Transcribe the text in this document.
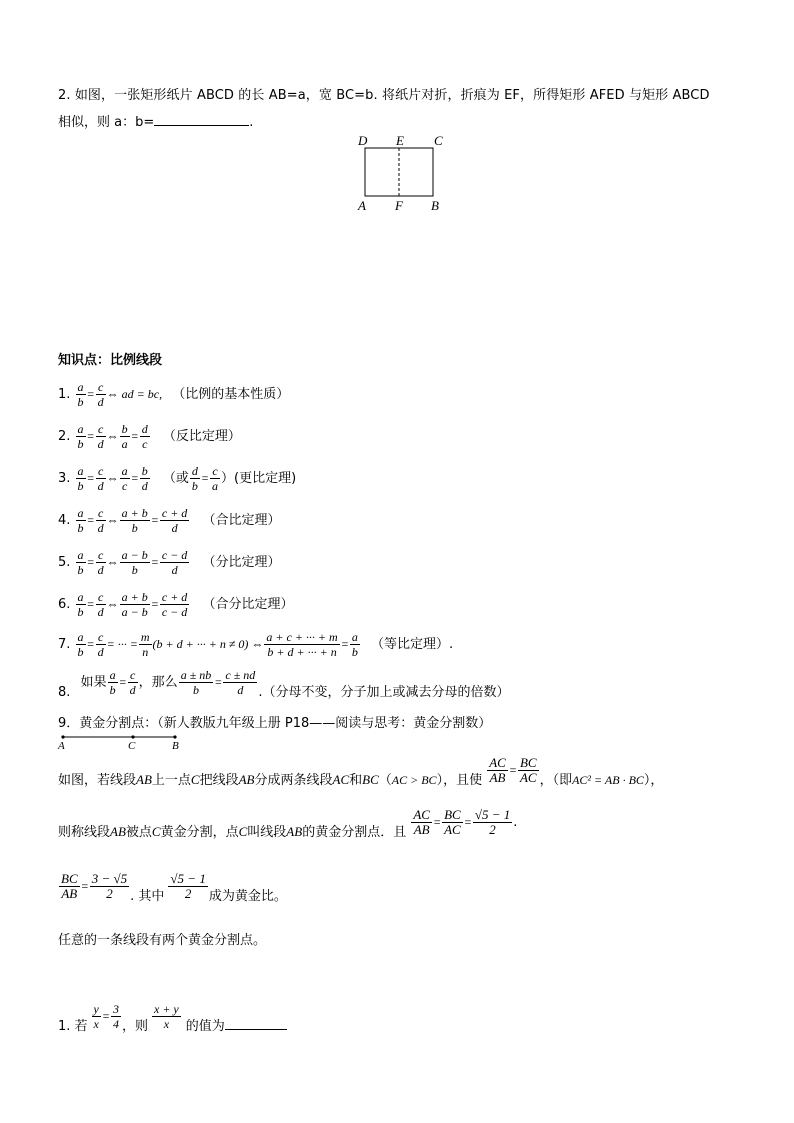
2. 如图，一张矩形纸片 ABCD 的长 AB=a，宽 BC=b. 将纸片对折，折痕为 EF，所得矩形 AFED 与矩形 ABCD
相似，则 a：b=	.
D E C
A F B
知识点：比例线段
1. $\frac{a}{b} = \frac{c}{d}$ ⇔ ad = bc, （比例的基本性质）
2. $\frac{a}{b} = \frac{c}{d}$ ⇔ $\frac{b}{a} = \frac{d}{c}$ （反比定理）
3. $\frac{a}{b} = \frac{c}{d}$ ⇔ $\frac{a}{c} = \frac{b}{d}$ （或 $\frac{d}{b} = \frac{c}{a}$ ）(更比定理)
4. $\frac{a}{b} = \frac{c}{d}$ ⇔ $\frac{a + b}{b} = \frac{c + d}{d}$ （合比定理）
5. $\frac{a}{b} = \frac{c}{d}$ ⇔ $\frac{a - b}{b} = \frac{c - d}{d}$ （分比定理）
6. $\frac{a}{b} = \frac{c}{d}$ ⇔ $\frac{a + b}{a - b} = \frac{c + d}{c - d}$ （合分比定理）
7. $\frac{a}{b} = \frac{c}{d}$ = ··· = $\frac{m}{n} (b + d$ + ··· + n ≠ 0) ⇔ $\frac{a + c + \cdot\cdot\cdot + m}{b + d + \cdot\cdot\cdot + n} = \frac{a}{b}$ （等比定理）.
8. 如果 $\frac{a}{b} = \frac{c}{d}$ ，那么 $\frac{a \pm nb}{b} = \frac{c \pm nd}{d}$ .（分母不变，分子加上或减去分母的倍数）
9．黄金分割点：（新人教版九年级上册 P18——阅读与思考：黄金分割数）
A	C	B
如图，若线段AB上一点C把线段AB分成两条线段AC和BC（AC > BC），且使 $\frac{AC}{AB} = \frac{BC}{AC}$ ，（即AC² = AB · BC），
则称线段AB被点C黄金分割，点C叫线段AB的黄金分割点．且 $\frac{AC}{AB} = \frac{BC}{AC} = \frac{√5 - 1}{2}$ .
$\frac{BC}{AB} = \frac{3 - √5}{2}$ . 其中 $\frac{√5 - 1}{2}$ 成为黄金比。
任意的一条线段有两个黄金分割点。
1. 若 $\frac{y}{x} = \frac{3}{4}$ ，则 $\frac{x + y}{x}$ 的值为
